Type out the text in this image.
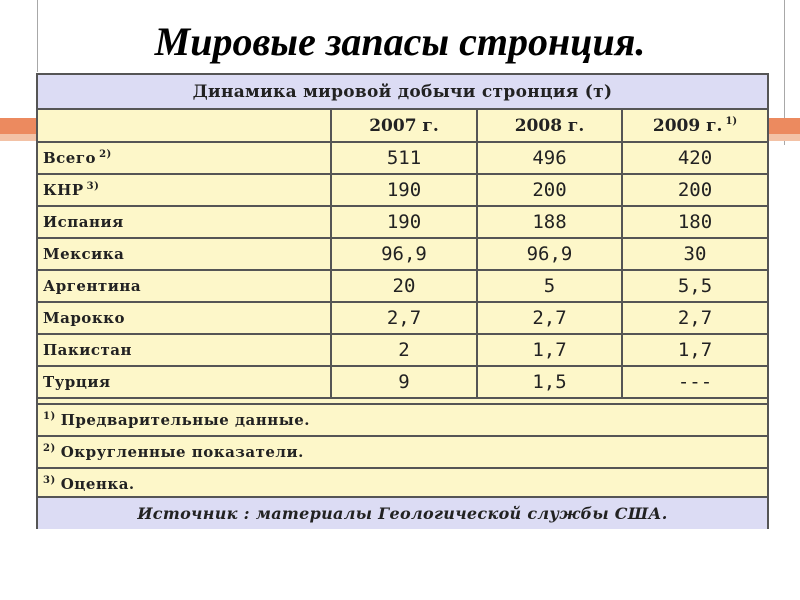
Мировые запасы стронция.
Динамика мировой добычи стронция (т)
	2007 г.	2008 г.	2009 г. $^{1)}$
Всего $^{2)}$	511	496	420
КНР $^{3)}$	190	200	200
Испания	190	188	180
Мексика	96,9	96,9	30
Аргентина	20	5	5,5
Марокко	2,7	2,7	2,7
Пакистан	2	1,7	1,7
Турция	9	1,5	---
$^{1)}$ Предварительные данные.
$^{2)}$ Округленные показатели.
$^{3)}$ Оценка.
Источник : материалы Геологической службы США.
